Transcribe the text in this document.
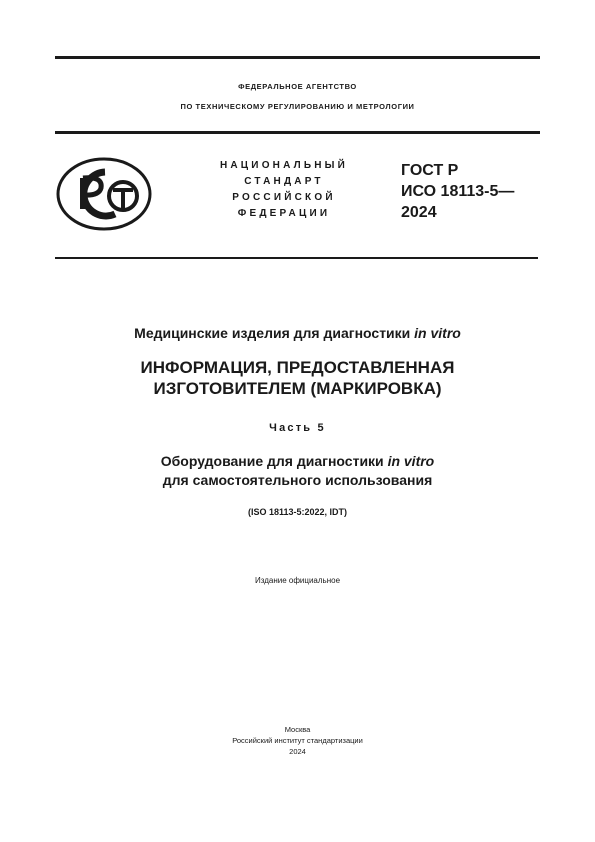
ФЕДЕРАЛЬНОЕ АГЕНТСТВО
ПО ТЕХНИЧЕСКОМУ РЕГУЛИРОВАНИЮ И МЕТРОЛОГИИ
НАЦИОНАЛЬНЫЙ
СТАНДАРТ
РОССИЙСКОЙ
ФЕДЕРАЦИИ
ГОСТ Р
ИСО 18113-5—
2024
Медицинские изделия для диагностики in vitro
ИНФОРМАЦИЯ, ПРЕДОСТАВЛЕННАЯ
ИЗГОТОВИТЕЛЕМ (МАРКИРОВКА)
Часть 5
Оборудование для диагностики in vitro
для самостоятельного использования
(ISO 18113-5:2022, IDT)
Издание официальное
Москва
Российский институт стандартизации
2024
